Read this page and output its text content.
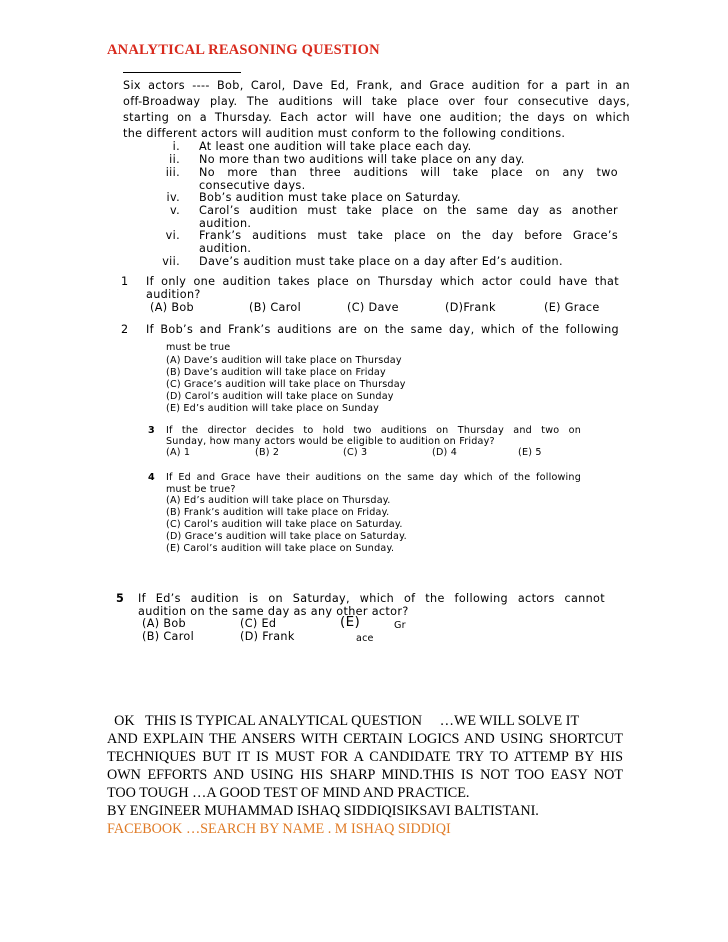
ANALYTICAL REASONING QUESTION
Six actors ---- Bob, Carol, Dave Ed, Frank, and Grace audition for a part in an
off-Broadway play. The auditions will take place over four consecutive days,
starting on a Thursday. Each actor will have one audition; the days on which
the different actors will audition must conform to the following conditions.
i. At least one audition will take place each day.
ii. No more than two auditions will take place on any day.
iii. No more than three auditions will take place on any two
consecutive days.
iv. Bob’s audition must take place on Saturday.
v. Carol’s audition must take place on the same day as another
audition.
vi. Frank’s auditions must take place on the day before Grace’s
audition.
vii. Dave’s audition must take place on a day after Ed’s audition.
1 If only one audition takes place on Thursday which actor could have that
audition?
(A) Bob	(B) Carol	(C) Dave	(D)Frank	(E) Grace
2 If Bob’s and Frank’s auditions are on the same day, which of the following
must be true
(A) Dave’s audition will take place on Thursday
(B) Dave’s audition will take place on Friday
(C) Grace’s audition will take place on Thursday
(D) Carol’s audition will take place on Sunday
(E) Ed’s audition will take place on Sunday
3 If the director decides to hold two auditions on Thursday and two on
Sunday, how many actors would be eligible to audition on Friday?
(A) 1	(B) 2	(C) 3	(D) 4	(E) 5
4 If Ed and Grace have their auditions on the same day which of the following
must be true?
(A) Ed’s audition will take place on Thursday.
(B) Frank’s audition will take place on Friday.
(C) Carol’s audition will take place on Saturday.
(D) Grace’s audition will take place on Saturday.
(E) Carol’s audition will take place on Sunday.
5 If Ed’s audition is on Saturday, which of the following actors cannot
audition on the same day as any other actor?
(A) Bob
(B) Carol
(C) Ed
(D) Frank
(E)	Gr
ace
OK   THIS IS TYPICAL ANALYTICAL QUESTION     …WE WILL SOLVE IT
AND EXPLAIN THE ANSERS WITH CERTAIN LOGICS AND USING SHORTCUT
TECHNIQUES BUT IT IS MUST FOR A CANDIDATE TRY TO ATTEMP BY HIS
OWN EFFORTS AND USING HIS SHARP MIND.THIS IS NOT TOO EASY NOT
TOO TOUGH …A GOOD TEST OF MIND AND PRACTICE.
BY ENGINEER MUHAMMAD ISHAQ SIDDIQISIKSAVI BALTISTANI.
FACEBOOK …SEARCH BY NAME . M ISHAQ SIDDIQI
